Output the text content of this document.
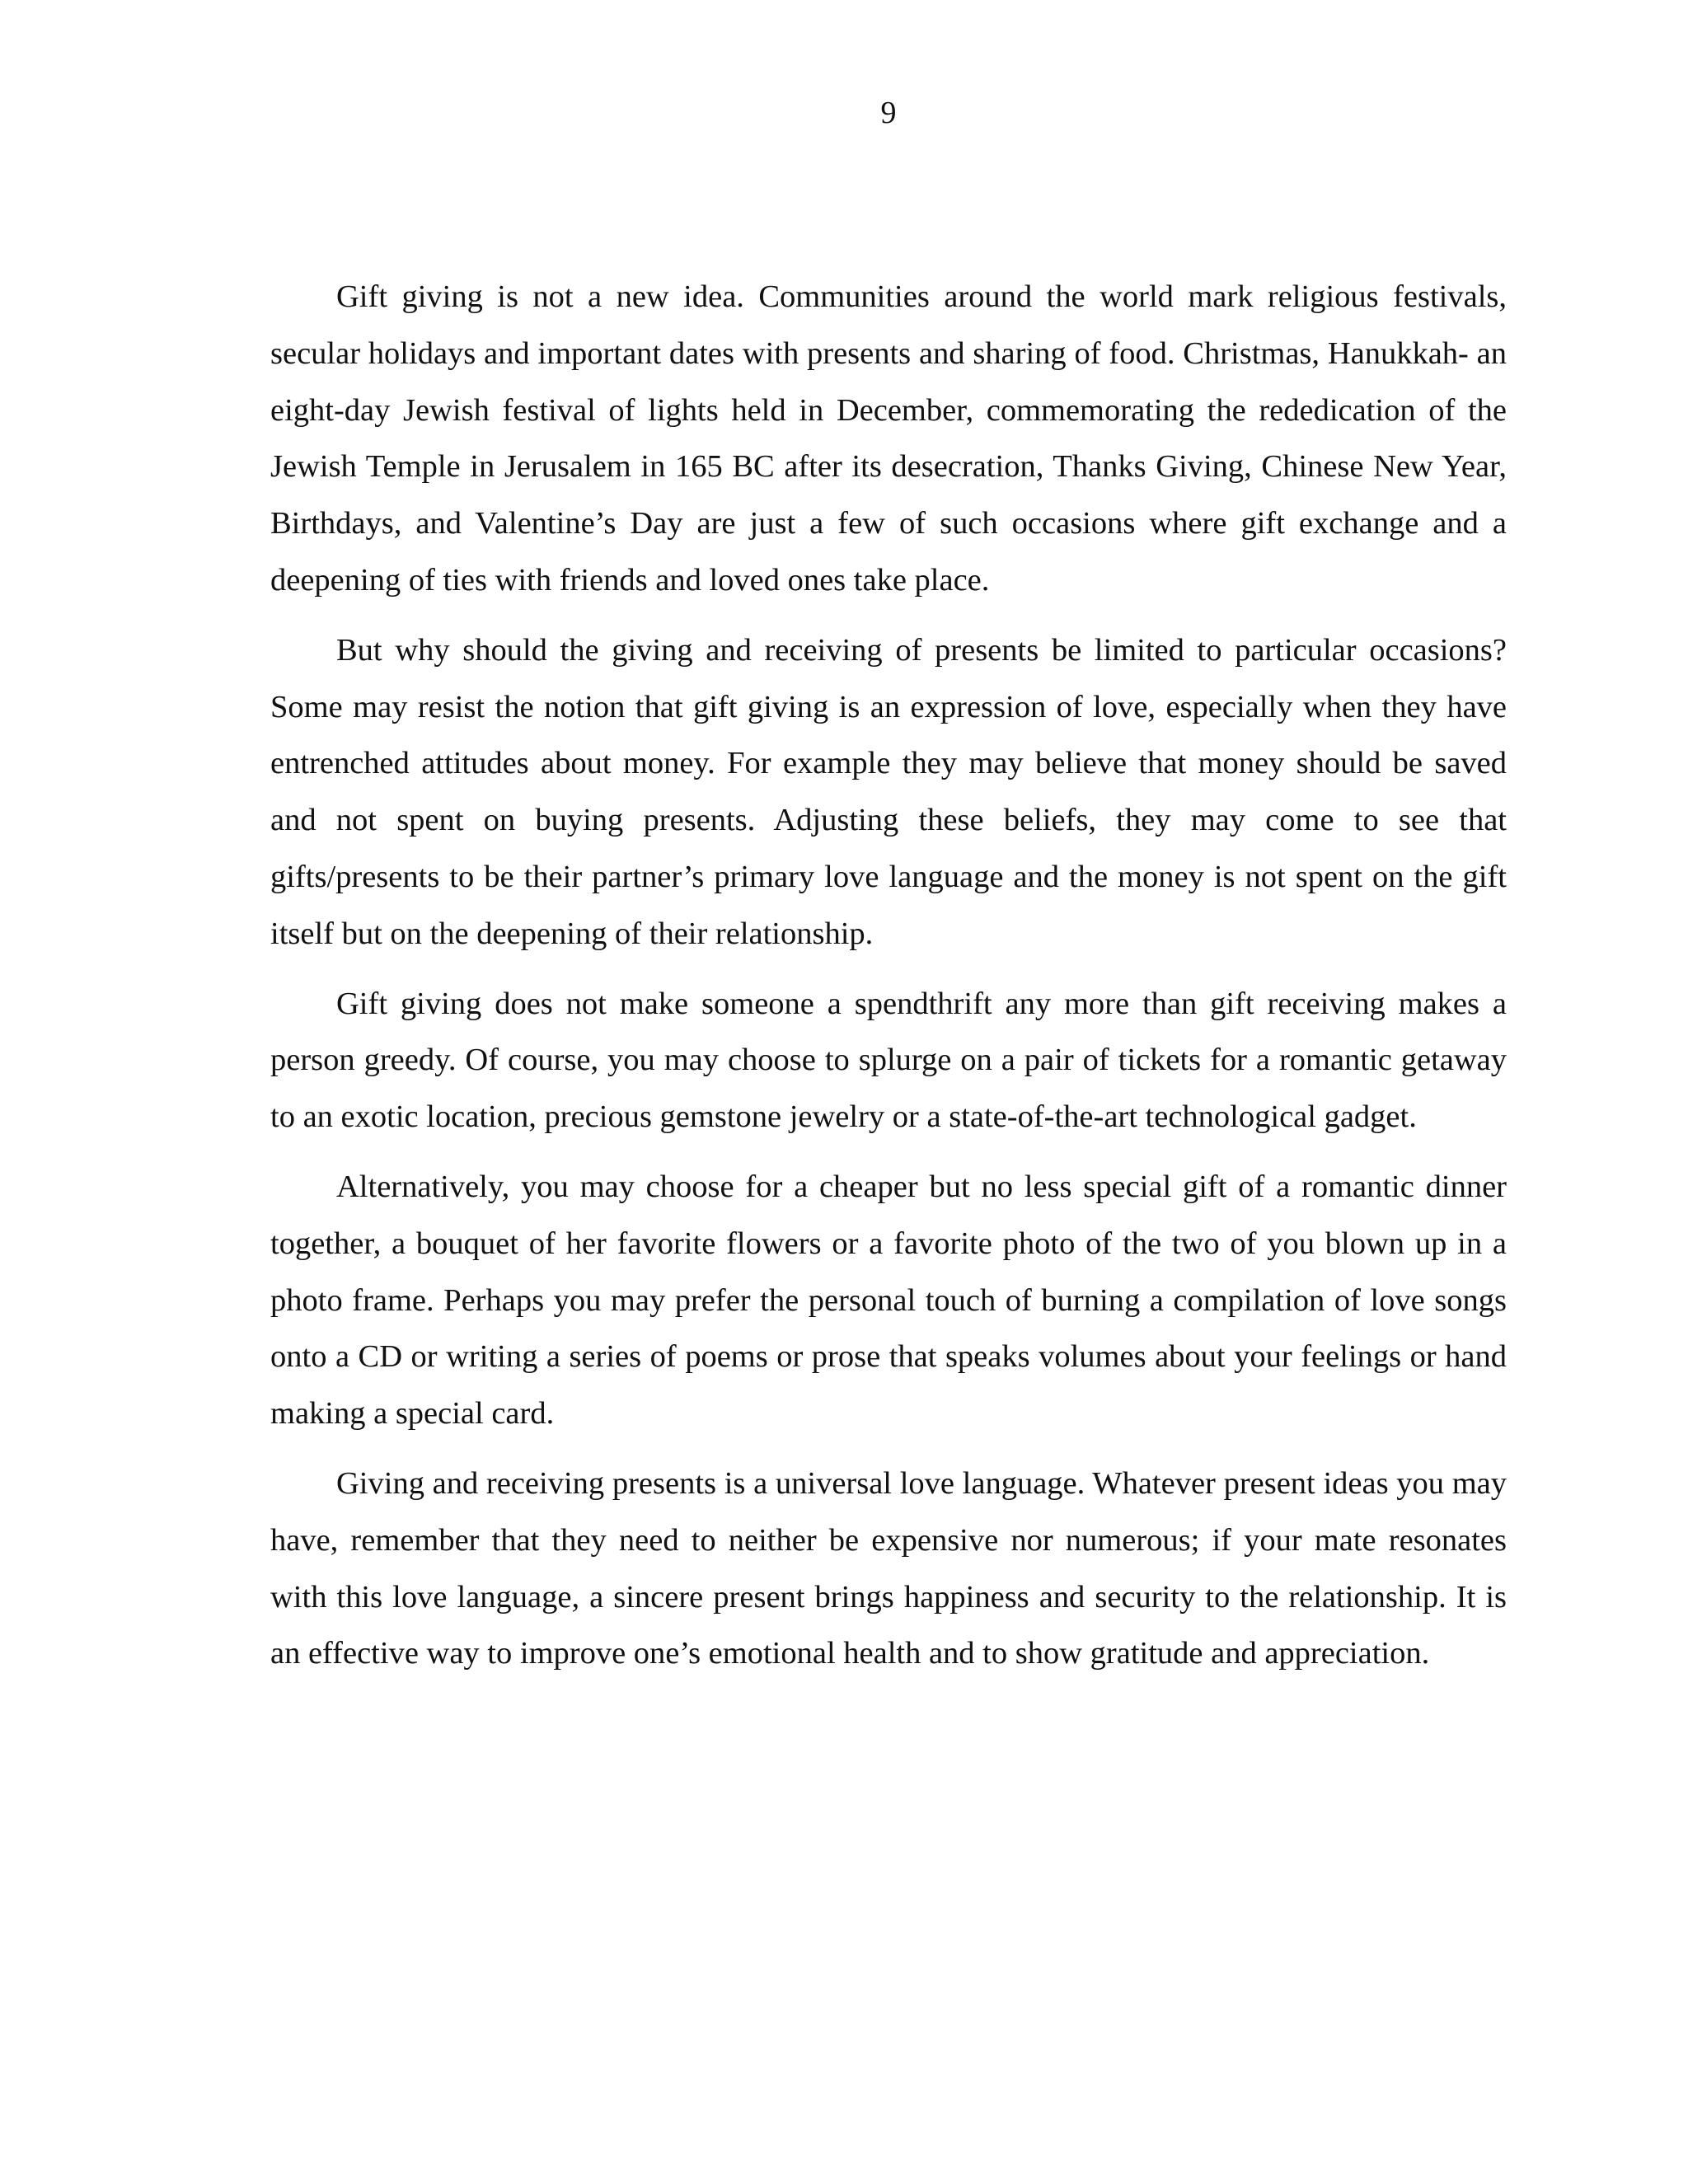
9

Gift giving is not a new idea. Communities around the world mark religious festivals, secular holidays and important dates with presents and sharing of food. Christmas, Hanukkah- an eight-day Jewish festival of lights held in December, commemorating the rededication of the Jewish Temple in Jerusalem in 165 BC after its desecration, Thanks Giving, Chinese New Year, Birthdays, and Valentine’s Day are just a few of such occasions where gift exchange and a deepening of ties with friends and loved ones take place.

But why should the giving and receiving of presents be limited to particular occasions? Some may resist the notion that gift giving is an expression of love, especially when they have entrenched attitudes about money. For example they may believe that money should be saved and not spent on buying presents. Adjusting these beliefs, they may come to see that gifts/presents to be their partner’s primary love language and the money is not spent on the gift itself but on the deepening of their relationship.

Gift giving does not make someone a spendthrift any more than gift receiving makes a person greedy. Of course, you may choose to splurge on a pair of tickets for a romantic getaway to an exotic location, precious gemstone jewelry or a state-of-the-art technological gadget.

Alternatively, you may choose for a cheaper but no less special gift of a romantic dinner together, a bouquet of her favorite flowers or a favorite photo of the two of you blown up in a photo frame. Perhaps you may prefer the personal touch of burning a compilation of love songs onto a CD or writing a series of poems or prose that speaks volumes about your feelings or hand making a special card.

Giving and receiving presents is a universal love language. Whatever present ideas you may have, remember that they need to neither be expensive nor numerous; if your mate resonates with this love language, a sincere present brings happiness and security to the relationship. It is an effective way to improve one’s emotional health and to show gratitude and appreciation.
